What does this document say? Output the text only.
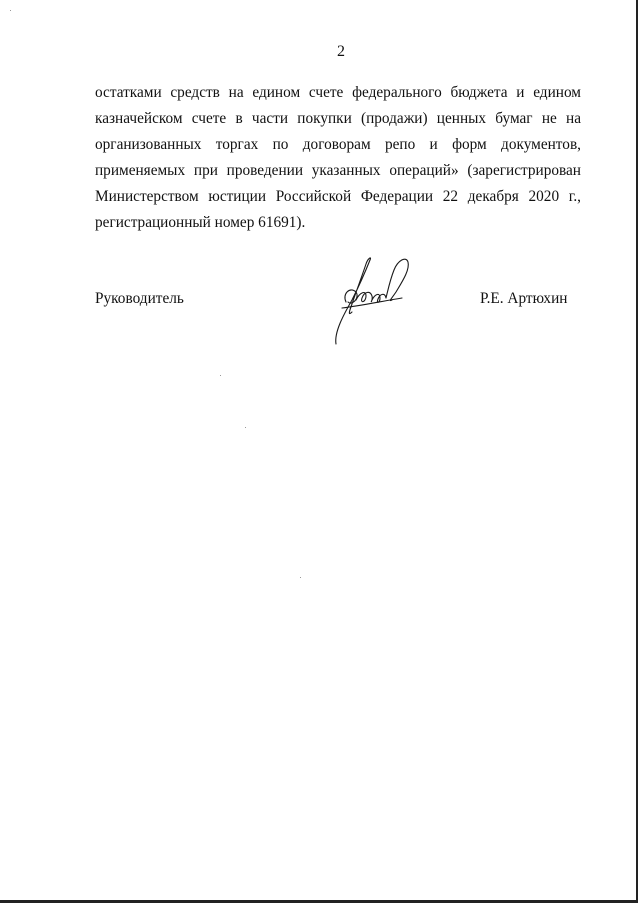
2
остатками средств на едином счете федерального бюджета и едином
казначейском счете в части покупки (продажи) ценных бумаг не на
организованных торгах по договорам репо и форм документов,
применяемых при проведении указанных операций» (зарегистрирован
Министерством юстиции Российской Федерации 22 декабря 2020 г.,
регистрационный номер 61691).
Руководитель	Р.Е. Артюхин
